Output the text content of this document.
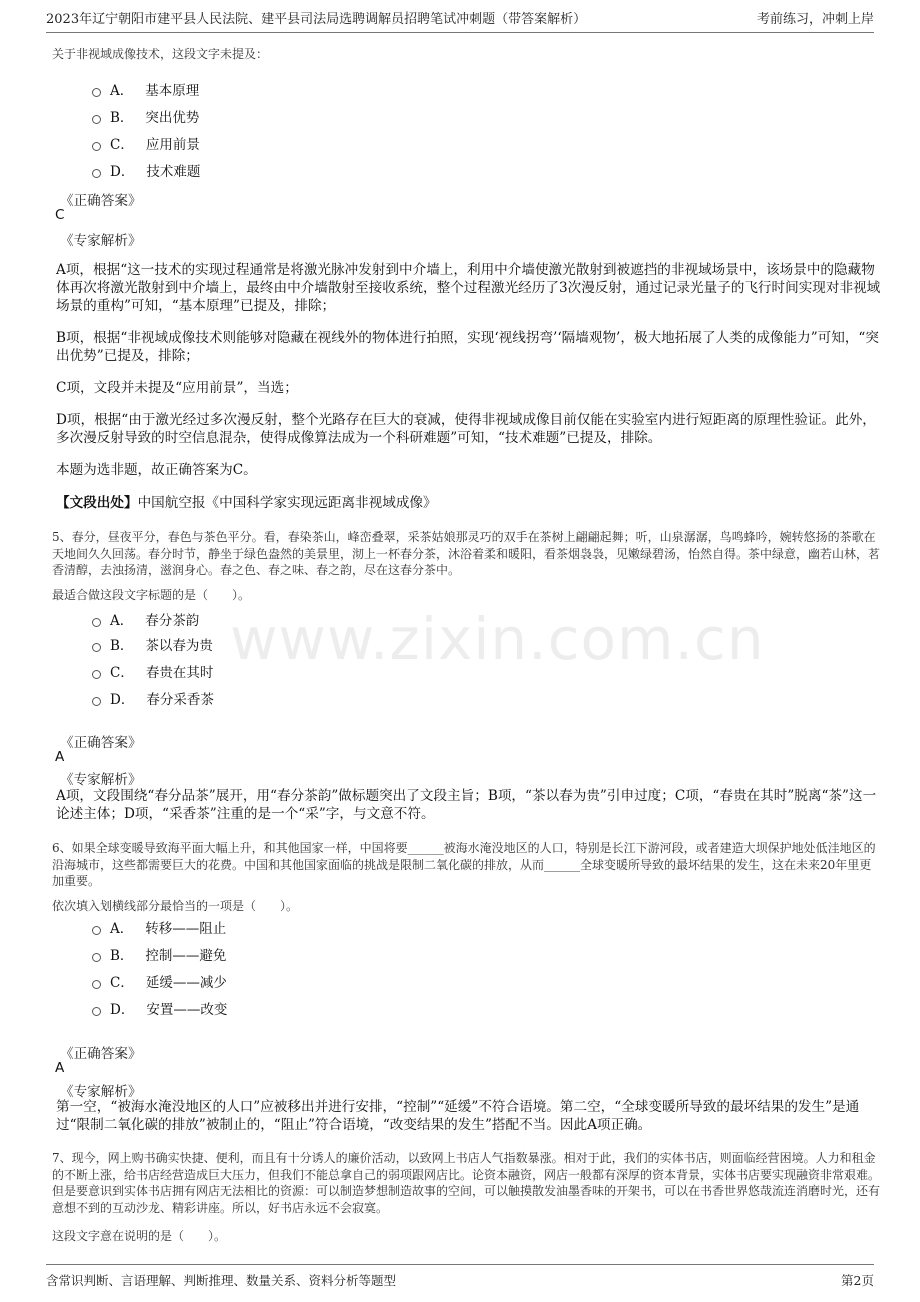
2023年辽宁朝阳市建平县人民法院、建平县司法局选聘调解员招聘笔试冲刺题（带答案解析）	考前练习，冲刺上岸
www.zixin.com.cn
关于非视域成像技术，这段文字未提及：
A． 基本原理
B． 突出优势
C． 应用前景
D． 技术难题
《正确答案》
C
《专家解析》
A项，根据“这一技术的实现过程通常是将激光脉冲发射到中介墙上，利用中介墙使激光散射到被遮挡的非视域场景中，该场景中的隐藏物体再次将激光散射到中介墙上，最终由中介墙散射至接收系统，整个过程激光经历了3次漫反射，通过记录光量子的飞行时间实现对非视域场景的重构”可知，“基本原理”已提及，排除；
B项，根据“非视域成像技术则能够对隐藏在视线外的物体进行拍照，实现‘视线拐弯’‘隔墙观物’，极大地拓展了人类的成像能力”可知，“突出优势”已提及，排除；
C项，文段并未提及“应用前景”，当选；
D项，根据“由于激光经过多次漫反射，整个光路存在巨大的衰减，使得非视域成像目前仅能在实验室内进行短距离的原理性验证。此外，多次漫反射导致的时空信息混杂，使得成像算法成为一个科研难题”可知，“技术难题”已提及，排除。
本题为选非题，故正确答案为C。
【文段出处】中国航空报《中国科学家实现远距离非视域成像》
5、春分，昼夜平分，春色与茶色平分。看，春染茶山，峰峦叠翠，采茶姑娘那灵巧的双手在茶树上翩翩起舞；听，山泉潺潺，鸟鸣蜂吟，婉转悠扬的茶歌在天地间久久回荡。春分时节，静坐于绿色盎然的美景里，沏上一杯春分茶，沐浴着柔和暖阳，看茶烟袅袅，见嫩绿碧汤，怡然自得。茶中绿意，幽若山林，茗香清醇，去浊扬清，滋润身心。春之色、春之味、春之韵，尽在这春分茶中。
最适合做这段文字标题的是（　　）。
A． 春分茶韵
B． 茶以春为贵
C． 春贵在其时
D． 春分采香茶
《正确答案》
A
《专家解析》
A项，文段围绕“春分品茶”展开，用“春分茶韵”做标题突出了文段主旨；B项，“茶以春为贵”引申过度；C项，“春贵在其时”脱离“茶”这一论述主体；D项，“采香茶”注重的是一个“采”字，与文意不符。
6、如果全球变暖导致海平面大幅上升，和其他国家一样，中国将要______被海水淹没地区的人口，特别是长江下游河段，或者建造大坝保护地处低洼地区的沿海城市，这些都需要巨大的花费。中国和其他国家面临的挑战是限制二氧化碳的排放，从而______全球变暖所导致的最坏结果的发生，这在未来20年里更加重要。
依次填入划横线部分最恰当的一项是（　　）。
A． 转移——阻止
B． 控制——避免
C． 延缓——减少
D． 安置——改变
《正确答案》
A
《专家解析》
第一空，“被海水淹没地区的人口”应被移出并进行安排，“控制”“延缓”不符合语境。第二空，“全球变暖所导致的最坏结果的发生”是通过“限制二氧化碳的排放”被制止的，“阻止”符合语境，“改变结果的发生”搭配不当。因此A项正确。
7、现今，网上购书确实快捷、便利，而且有十分诱人的廉价活动，以致网上书店人气指数暴涨。相对于此，我们的实体书店，则面临经营困境。人力和租金的不断上涨，给书店经营造成巨大压力，但我们不能总拿自己的弱项跟网店比。论资本融资，网店一般都有深厚的资本背景，实体书店要实现融资非常艰难。但是要意识到实体书店拥有网店无法相比的资源：可以制造梦想制造故事的空间，可以触摸散发油墨香味的开架书，可以在书香世界悠哉流连消磨时光，还有意想不到的互动沙龙、精彩讲座。所以，好书店永远不会寂寞。
这段文字意在说明的是（　　）。
含常识判断、言语理解、判断推理、数量关系、资料分析等题型	第2页
